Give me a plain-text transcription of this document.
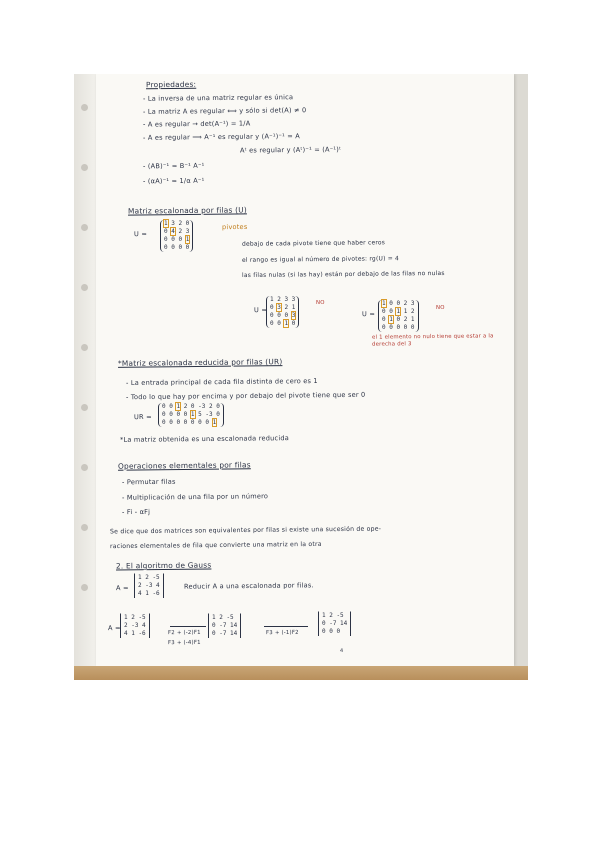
Propiedades:
- La inversa de una matriz regular es única
- La matriz A es regular ⟺ y sólo si det(A) ≠ 0
- A es regular → det(A⁻¹) = 1/A
- A es regular ⟹ A⁻¹ es regular y (A⁻¹)⁻¹ = A
Aᵗ es regular y (Aᵗ)⁻¹ = (A⁻¹)ᵗ
- (AB)⁻¹ = B⁻¹ A⁻¹
- (αA)⁻¹ = 1/α A⁻¹
Matriz escalonada por filas (U)
U =
1 3 2 0
0 4 2 3
0 0 0 1
0 0 0 0
pivotes
debajo de cada pivote tiene que haber ceros
el rango es igual al número de pivotes: rg(U) = 4
las filas nulas (si las hay) están por debajo de las filas no nulas
U =
1 2 3 3
0 3 2 1
0 0 0 3
0 0 1 0
NO
U =
1 0 0 2 3
0 0 1 1 2
0 1 0 2 1
0 0 0 0 0
NO
el 1 elemento no nulo tiene que estar a la derecha del 3
*Matriz escalonada reducida por filas (UR)
- La entrada principal de cada fila distinta de cero es 1
- Todo lo que hay por encima y por debajo del pivote tiene que ser 0
UR =
0 0 1 2 0 -3 2 0
0 0 0 0 1 5 -3 0
0 0 0 0 0 0 0 1
*La matriz obtenida es una escalonada reducida
Operaciones elementales por filas
- Permutar filas
- Multiplicación de una fila por un número
- Fi - αFj
Se dice que dos matrices son equivalentes por filas si existe una sucesión de ope-
raciones elementales de fila que convierte una matriz en la otra
2. El algoritmo de Gauss
A =
1 2 -5
2 -3 4
4 1 -6
Reducir A a una escalonada por filas.
A =
1 2 -5
2 -3 4
4 1 -6	F2 + (-2)F1
F3 + (-4)F1
1 2 -5
0 -7 14
0 -7 14	F3 + (-1)F2
1 2 -5
0 -7 14
0 0 0
4
